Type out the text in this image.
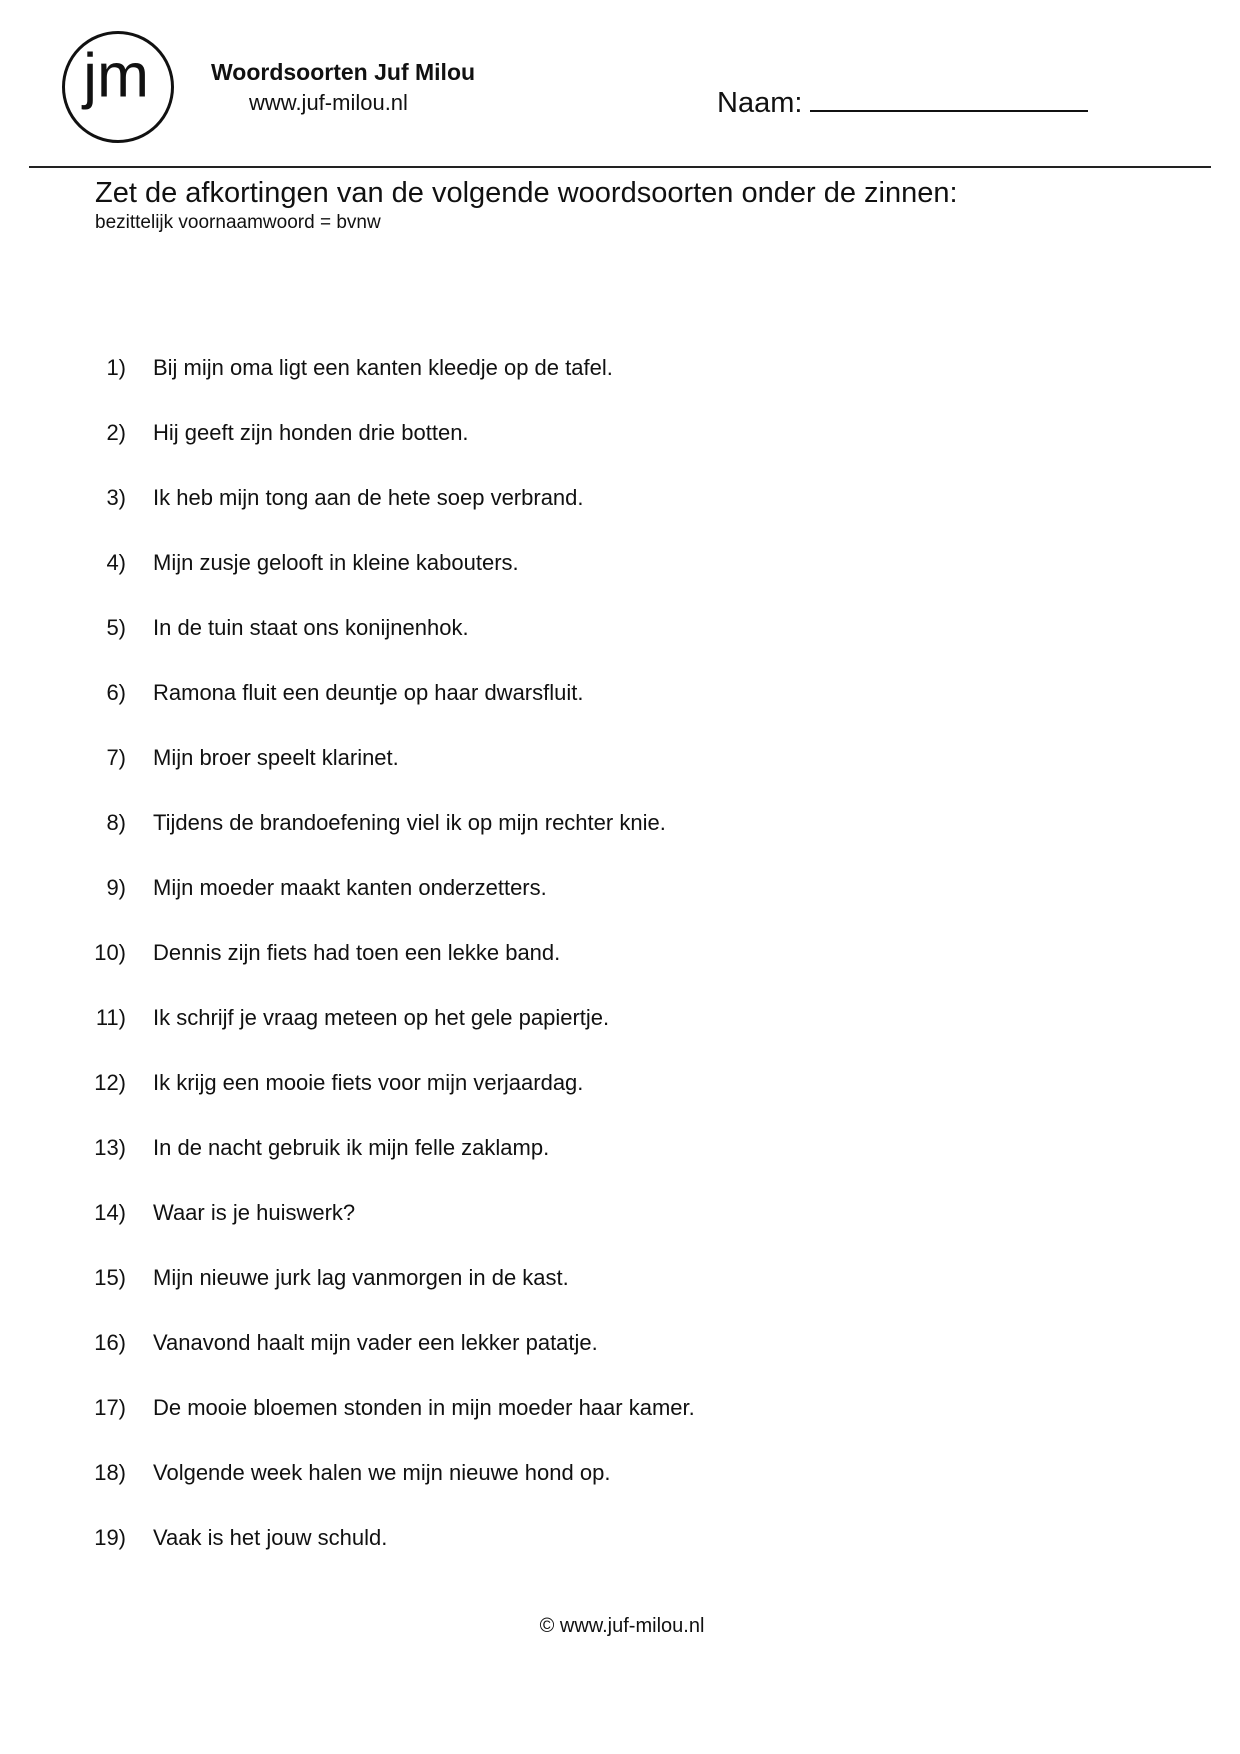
jm	Woordsoorten Juf Milou
www.juf-milou.nl	Naam:
Zet de afkortingen van de volgende woordsoorten onder de zinnen:
bezittelijk voornaamwoord = bvnw
1) Bij mijn oma ligt een kanten kleedje op de tafel.
2) Hij geeft zijn honden drie botten.
3) Ik heb mijn tong aan de hete soep verbrand.
4) Mijn zusje gelooft in kleine kabouters.
5) In de tuin staat ons konijnenhok.
6) Ramona fluit een deuntje op haar dwarsfluit.
7) Mijn broer speelt klarinet.
8) Tijdens de brandoefening viel ik op mijn rechter knie.
9) Mijn moeder maakt kanten onderzetters.
10) Dennis zijn fiets had toen een lekke band.
11) Ik schrijf je vraag meteen op het gele papiertje.
12) Ik krijg een mooie fiets voor mijn verjaardag.
13) In de nacht gebruik ik mijn felle zaklamp.
14) Waar is je huiswerk?
15) Mijn nieuwe jurk lag vanmorgen in de kast.
16) Vanavond haalt mijn vader een lekker patatje.
17) De mooie bloemen stonden in mijn moeder haar kamer.
18) Volgende week halen we mijn nieuwe hond op.
19) Vaak is het jouw schuld.
© www.juf-milou.nl
